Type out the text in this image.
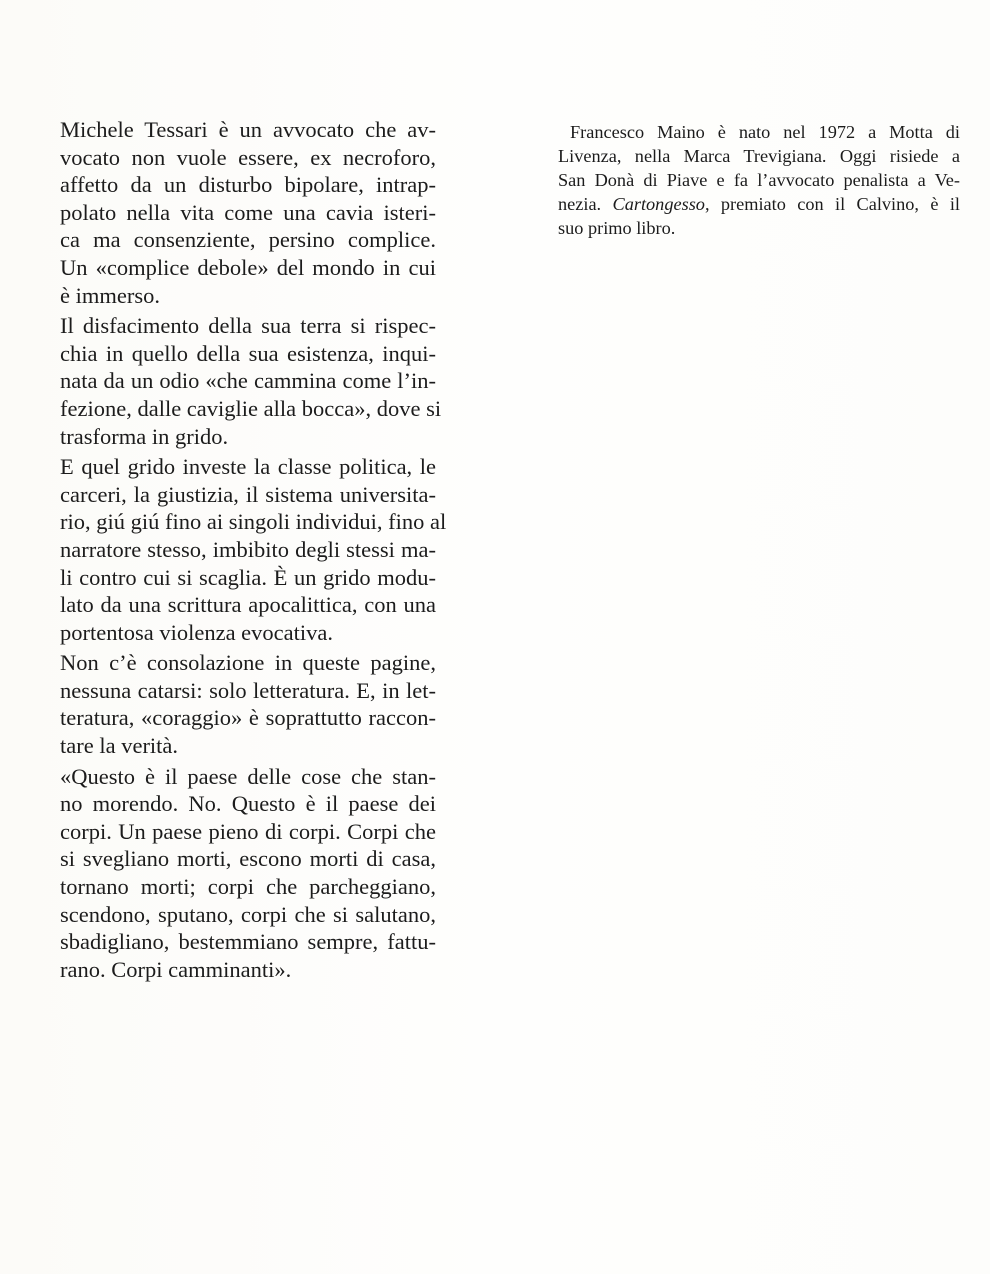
Michele Tessari è un avvocato che av-
vocato non vuole essere, ex necroforo,
affetto da un disturbo bipolare, intrap-
polato nella vita come una cavia isteri-
ca ma consenziente, persino complice.
Un «complice debole» del mondo in cui
è immerso.

Il disfacimento della sua terra si rispec-
chia in quello della sua esistenza, inqui-
nata da un odio «che cammina come l’in-
fezione, dalle caviglie alla bocca», dove si
trasforma in grido.

E quel grido investe la classe politica, le
carceri, la giustizia, il sistema universita-
rio, giú giú fino ai singoli individui, fino al
narratore stesso, imbibito degli stessi ma-
li contro cui si scaglia. È un grido modu-
lato da una scrittura apocalittica, con una
portentosa violenza evocativa.

Non c’è consolazione in queste pagine,
nessuna catarsi: solo letteratura. E, in let-
teratura, «coraggio» è soprattutto raccon-
tare la verità.

«Questo è il paese delle cose che stan-
no morendo. No. Questo è il paese dei
corpi. Un paese pieno di corpi. Corpi che
si svegliano morti, escono morti di casa,
tornano morti; corpi che parcheggiano,
scendono, sputano, corpi che si salutano,
sbadigliano, bestemmiano sempre, fattu-
rano. Corpi camminanti».

Francesco Maino è nato nel 1972 a Motta di
Livenza, nella Marca Trevigiana. Oggi risiede a
San Donà di Piave e fa l’avvocato penalista a Ve-
nezia. Cartongesso, premiato con il Calvino, è il
suo primo libro.
